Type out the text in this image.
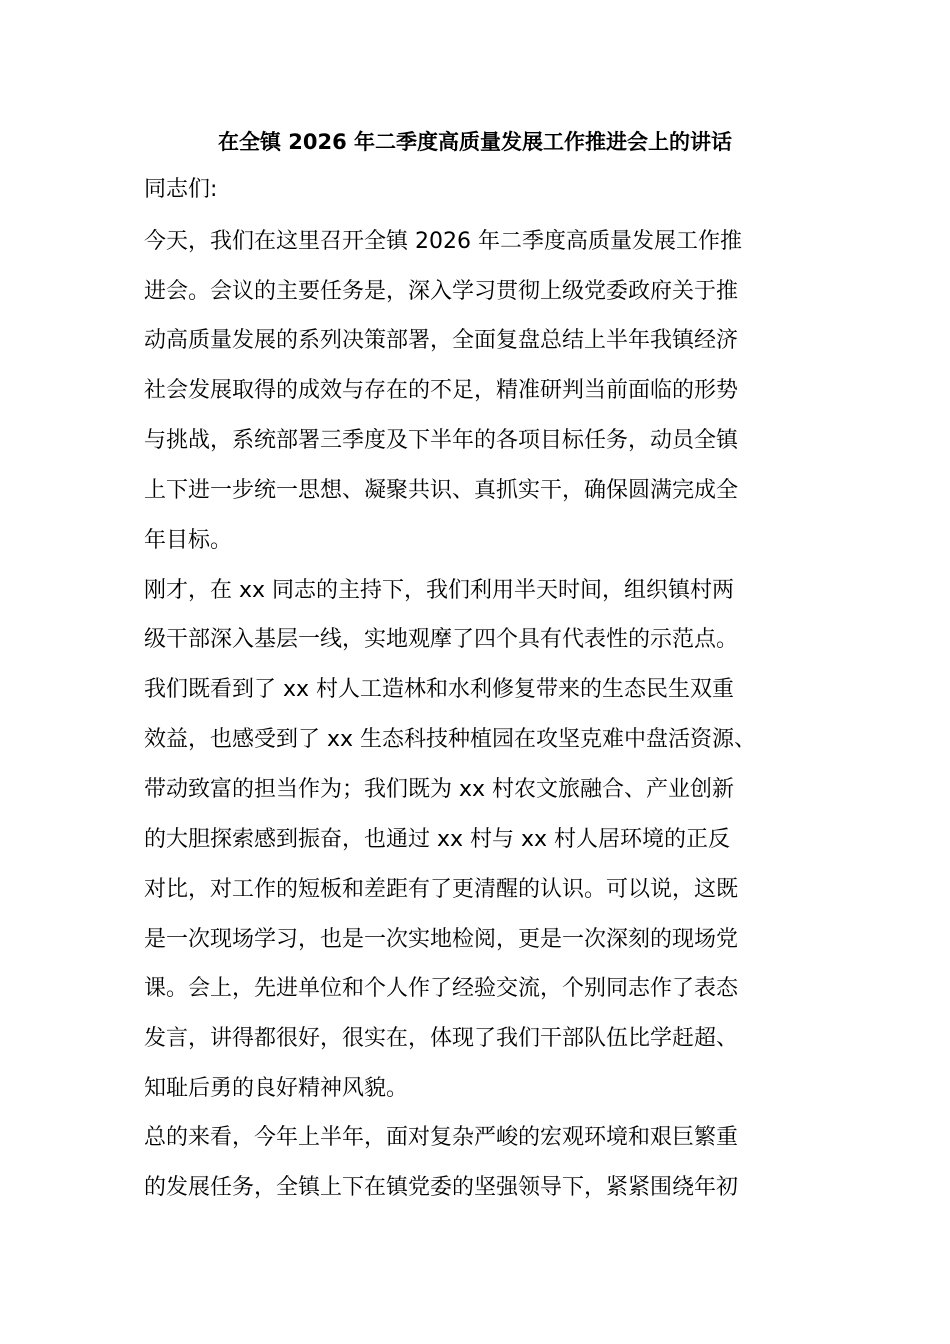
在全镇 2026 年二季度高质量发展工作推进会上的讲话
同志们:
今天，我们在这里召开全镇 2026 年二季度高质量发展工作推
进会。会议的主要任务是，深入学习贯彻上级党委政府关于推
动高质量发展的系列决策部署，全面复盘总结上半年我镇经济
社会发展取得的成效与存在的不足，精准研判当前面临的形势
与挑战，系统部署三季度及下半年的各项目标任务，动员全镇
上下进一步统一思想、凝聚共识、真抓实干，确保圆满完成全
年目标。
刚才，在 xx 同志的主持下，我们利用半天时间，组织镇村两
级干部深入基层一线，实地观摩了四个具有代表性的示范点。
我们既看到了 xx 村人工造林和水利修复带来的生态民生双重
效益，也感受到了 xx 生态科技种植园在攻坚克难中盘活资源、
带动致富的担当作为；我们既为 xx 村农文旅融合、产业创新
的大胆探索感到振奋，也通过 xx 村与 xx 村人居环境的正反
对比，对工作的短板和差距有了更清醒的认识。可以说，这既
是一次现场学习，也是一次实地检阅，更是一次深刻的现场党
课。会上，先进单位和个人作了经验交流，个别同志作了表态
发言，讲得都很好，很实在，体现了我们干部队伍比学赶超、
知耻后勇的良好精神风貌。
总的来看，今年上半年，面对复杂严峻的宏观环境和艰巨繁重
的发展任务，全镇上下在镇党委的坚强领导下，紧紧围绕年初
